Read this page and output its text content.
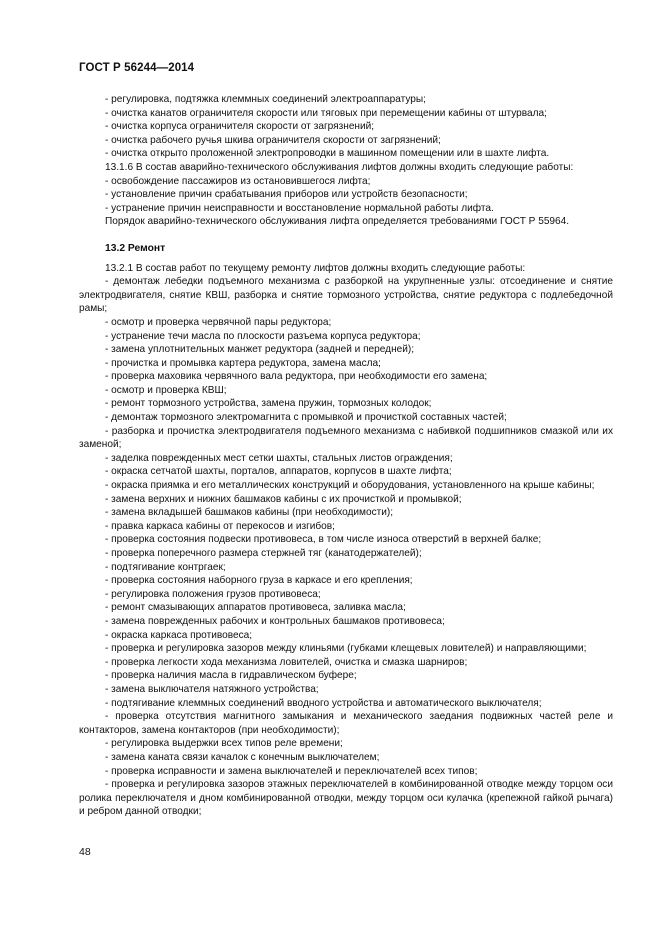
ГОСТ Р 56244—2014

- регулировка, подтяжка клеммных соединений электроаппаратуры;

- очистка канатов ограничителя скорости или тяговых при перемещении кабины от штурвала;

- очистка корпуса ограничителя скорости от загрязнений;

- очистка рабочего ручья шкива ограничителя скорости от загрязнений;

- очистка открыто проложенной электропроводки в машинном помещении или в шахте лифта.

13.1.6 В состав аварийно-технического обслуживания лифтов должны входить следующие работы:

- освобождение пассажиров из остановившегося лифта;

- установление причин срабатывания приборов или устройств безопасности;

- устранение причин неисправности и восстановление нормальной работы лифта.

Порядок аварийно-технического обслуживания лифта определяется требованиями ГОСТ Р 55964.

13.2 Ремонт

13.2.1 В состав работ по текущему ремонту лифтов должны входить следующие работы:

- демонтаж лебедки подъемного механизма с разборкой на укрупненные узлы: отсоединение и снятие электродвигателя, снятие КВШ, разборка и снятие тормозного устройства, снятие редуктора с подлебедочной рамы;

- осмотр и проверка червячной пары редуктора;

- устранение течи масла по плоскости разъема корпуса редуктора;

- замена уплотнительных манжет редуктора (задней и передней);

- прочистка и промывка картера редуктора, замена масла;

- проверка маховика червячного вала редуктора, при необходимости его замена;

- осмотр и проверка КВШ;

- ремонт тормозного устройства, замена пружин, тормозных колодок;

- демонтаж тормозного электромагнита с промывкой и прочисткой составных частей;

- разборка и прочистка электродвигателя подъемного механизма с набивкой подшипников смазкой или их заменой;

- заделка поврежденных мест сетки шахты, стальных листов ограждения;

- окраска сетчатой шахты, порталов, аппаратов, корпусов в шахте лифта;

- окраска приямка и его металлических конструкций и оборудования, установленного на крыше кабины;

- замена верхних и нижних башмаков кабины с их прочисткой и промывкой;

- замена вкладышей башмаков кабины (при необходимости);

- правка каркаса кабины от перекосов и изгибов;

- проверка состояния подвески противовеса, в том числе износа отверстий в верхней балке;

- проверка поперечного размера стержней тяг (канатодержателей);

- подтягивание контргаек;

- проверка состояния наборного груза в каркасе и его крепления;

- регулировка положения грузов противовеса;

- ремонт смазывающих аппаратов противовеса, заливка масла;

- замена поврежденных рабочих и контрольных башмаков противовеса;

- окраска каркаса противовеса;

- проверка и регулировка зазоров между клиньями (губками клещевых ловителей) и направляющими;

- проверка легкости хода механизма ловителей, очистка и смазка шарниров;

- проверка наличия масла в гидравлическом буфере;

- замена выключателя натяжного устройства;

- подтягивание клеммных соединений вводного устройства и автоматического выключателя;

- проверка отсутствия магнитного замыкания и механического заедания подвижных частей реле и контакторов, замена контакторов (при необходимости);

- регулировка выдержки всех типов реле времени;

- замена каната связи качалок с конечным выключателем;

- проверка исправности и замена выключателей и переключателей всех типов;

- проверка и регулировка зазоров этажных переключателей в комбинированной отводке между торцом оси ролика переключателя и дном комбинированной отводки, между торцом оси кулачка (крепежной гайкой рычага) и ребром данной отводки;

48
